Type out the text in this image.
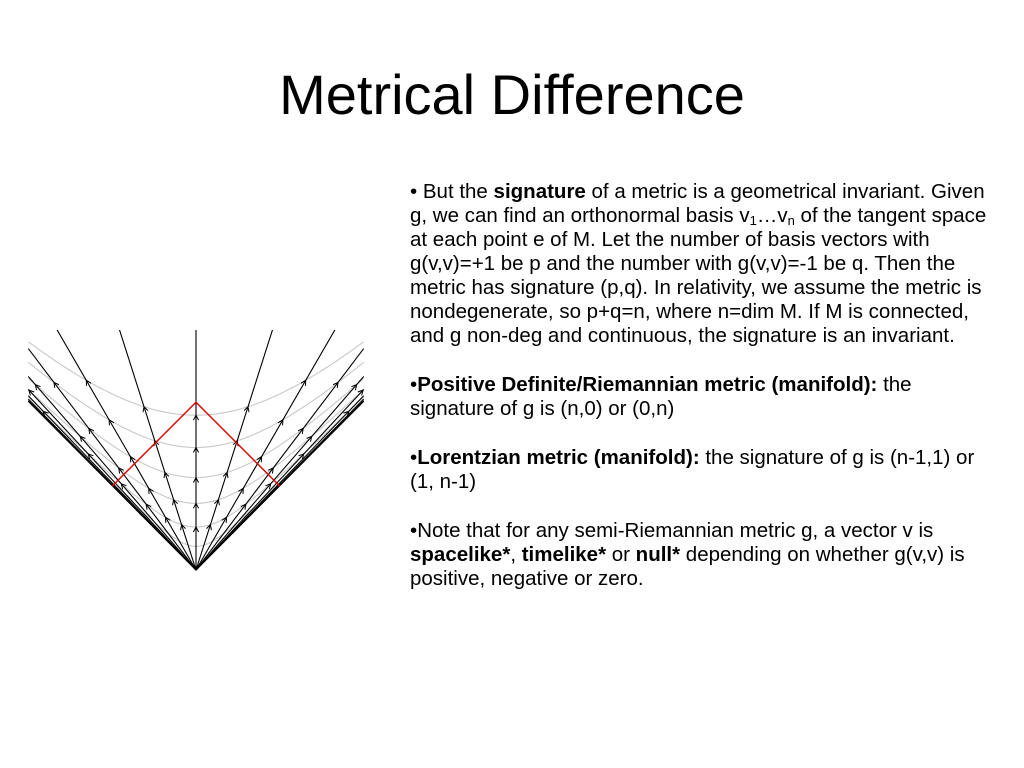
Metrical Difference

• But the signature of a metric is a geometrical invariant. Given g, we can find an orthonormal basis $v_1\dots v_n$ of the tangent space at each point e of M. Let the number of basis vectors with g(v,v)=+1 be p and the number with g(v,v)=-1 be q. Then the metric has signature (p,q). In relativity, we assume the metric is nondegenerate, so p+q=n, where n=dim M. If M is connected, and g non-deg and continuous, the signature is an invariant.

•Positive Definite/Riemannian metric (manifold): the signature of g is (n,0) or (0,n)

•Lorentzian metric (manifold): the signature of g is (n-1,1) or (1, n-1)

•Note that for any semi-Riemannian metric g, a vector v is spacelike*, timelike* or null* depending on whether g(v,v) is positive, negative or zero.
